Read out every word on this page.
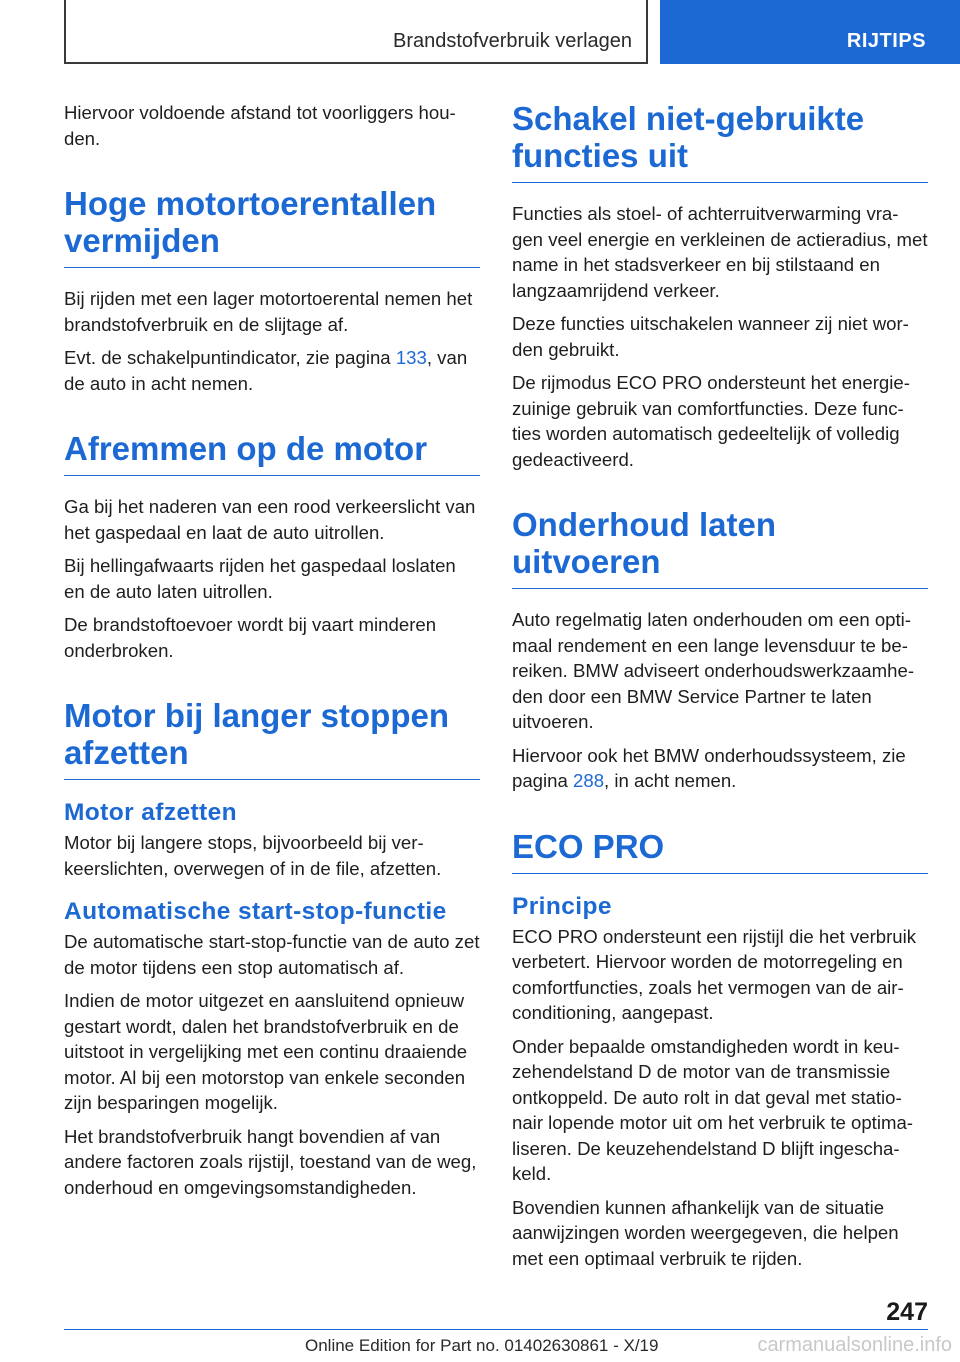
Brandstofverbruik verlagen	RIJTIPS

Hiervoor voldoende afstand tot voorliggers hou-den.

Hoge motortoerentallen vermijden

Bij rijden met een lager motortoerental nemen het brandstofverbruik en de slijtage af.

Evt. de schakelpuntindicator, zie pagina 133, van de auto in acht nemen.

Afremmen op de motor

Ga bij het naderen van een rood verkeerslicht van het gaspedaal en laat de auto uitrollen.

Bij hellingafwaarts rijden het gaspedaal loslaten en de auto laten uitrollen.

De brandstoftoevoer wordt bij vaart minderen onderbroken.

Motor bij langer stoppen afzetten
Motor afzetten

Motor bij langere stops, bijvoorbeeld bij ver-keerslichten, overwegen of in de file, afzetten.

Automatische start-stop-functie

De automatische start-stop-functie van de auto zet de motor tijdens een stop automatisch af.

Indien de motor uitgezet en aansluitend opnieuw gestart wordt, dalen het brandstofverbruik en de uitstoot in vergelijking met een continu draaiende motor. Al bij een motorstop van enkele seconden zijn besparingen mogelijk.

Het brandstofverbruik hangt bovendien af van andere factoren zoals rijstijl, toestand van de weg, onderhoud en omgevingsomstandigheden.

Schakel niet-gebruikte functies uit

Functies als stoel- of achterruitverwarming vra-gen veel energie en verkleinen de actieradius, met name in het stadsverkeer en bij stilstaand en langzaamrijdend verkeer.

Deze functies uitschakelen wanneer zij niet wor-den gebruikt.

De rijmodus ECO PRO ondersteunt het energie-zuinige gebruik van comfortfuncties. Deze func-ties worden automatisch gedeeltelijk of volledig gedeactiveerd.

Onderhoud laten uitvoeren

Auto regelmatig laten onderhouden om een opti-maal rendement en een lange levensduur te be-reiken. BMW adviseert onderhoudswerkzaamhe-den door een BMW Service Partner te laten uitvoeren.

Hiervoor ook het BMW onderhoudssysteem, zie pagina 288, in acht nemen.

ECO PRO
Principe

ECO PRO ondersteunt een rijstijl die het verbruik verbetert. Hiervoor worden de motorregeling en comfortfuncties, zoals het vermogen van de air-conditioning, aangepast.

Onder bepaalde omstandigheden wordt in keu-zehendelstand D de motor van de transmissie ontkoppeld. De auto rolt in dat geval met statio-nair lopende motor uit om het verbruik te optima-liseren. De keuzehendelstand D blijft ingescha-keld.

Bovendien kunnen afhankelijk van de situatie aanwijzingen worden weergegeven, die helpen met een optimaal verbruik te rijden.

247
Online Edition for Part no. 01402630861 - X/19	carmanualsonline.info
